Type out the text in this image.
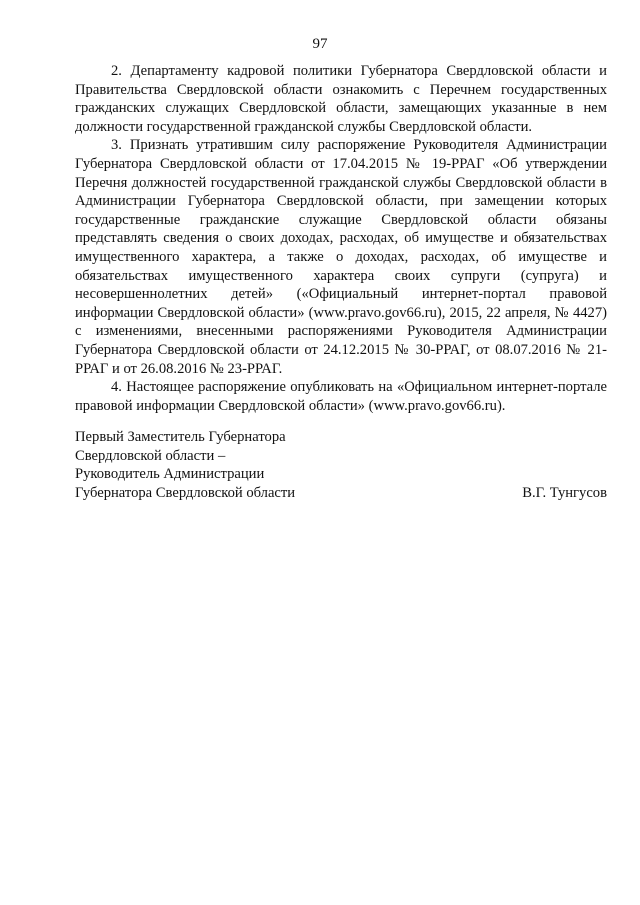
97

2. Департаменту кадровой политики Губернатора Свердловской области и Правительства Свердловской области ознакомить с Перечнем государственных гражданских служащих Свердловской области, замещающих указанные в нем должности государственной гражданской службы Свердловской области.

3. Признать утратившим силу распоряжение Руководителя Администрации Губернатора Свердловской области от 17.04.2015 № 19-РРАГ «Об утверждении Перечня должностей государственной гражданской службы Свердловской области в Администрации Губернатора Свердловской области, при замещении которых государственные гражданские служащие Свердловской области обязаны представлять сведения о своих доходах, расходах, об имуществе и обязательствах имущественного характера, а также о доходах, расходах, об имуществе и обязательствах имущественного характера своих супруги (супруга) и несовершеннолетних детей» («Официальный интернет-портал правовой информации Свердловской области» (www.pravo.gov66.ru), 2015, 22 апреля, № 4427) с изменениями, внесенными распоряжениями Руководителя Администрации Губернатора Свердловской области от 24.12.2015 № 30-РРАГ, от 08.07.2016 № 21-РРАГ и от 26.08.2016 № 23-РРАГ.

4. Настоящее распоряжение опубликовать на «Официальном интернет-портале правовой информации Свердловской области» (www.pravo.gov66.ru).

Первый Заместитель Губернатора
Свердловской области –
Руководитель Администрации
Губернатора Свердловской области	В.Г. Тунгусов
